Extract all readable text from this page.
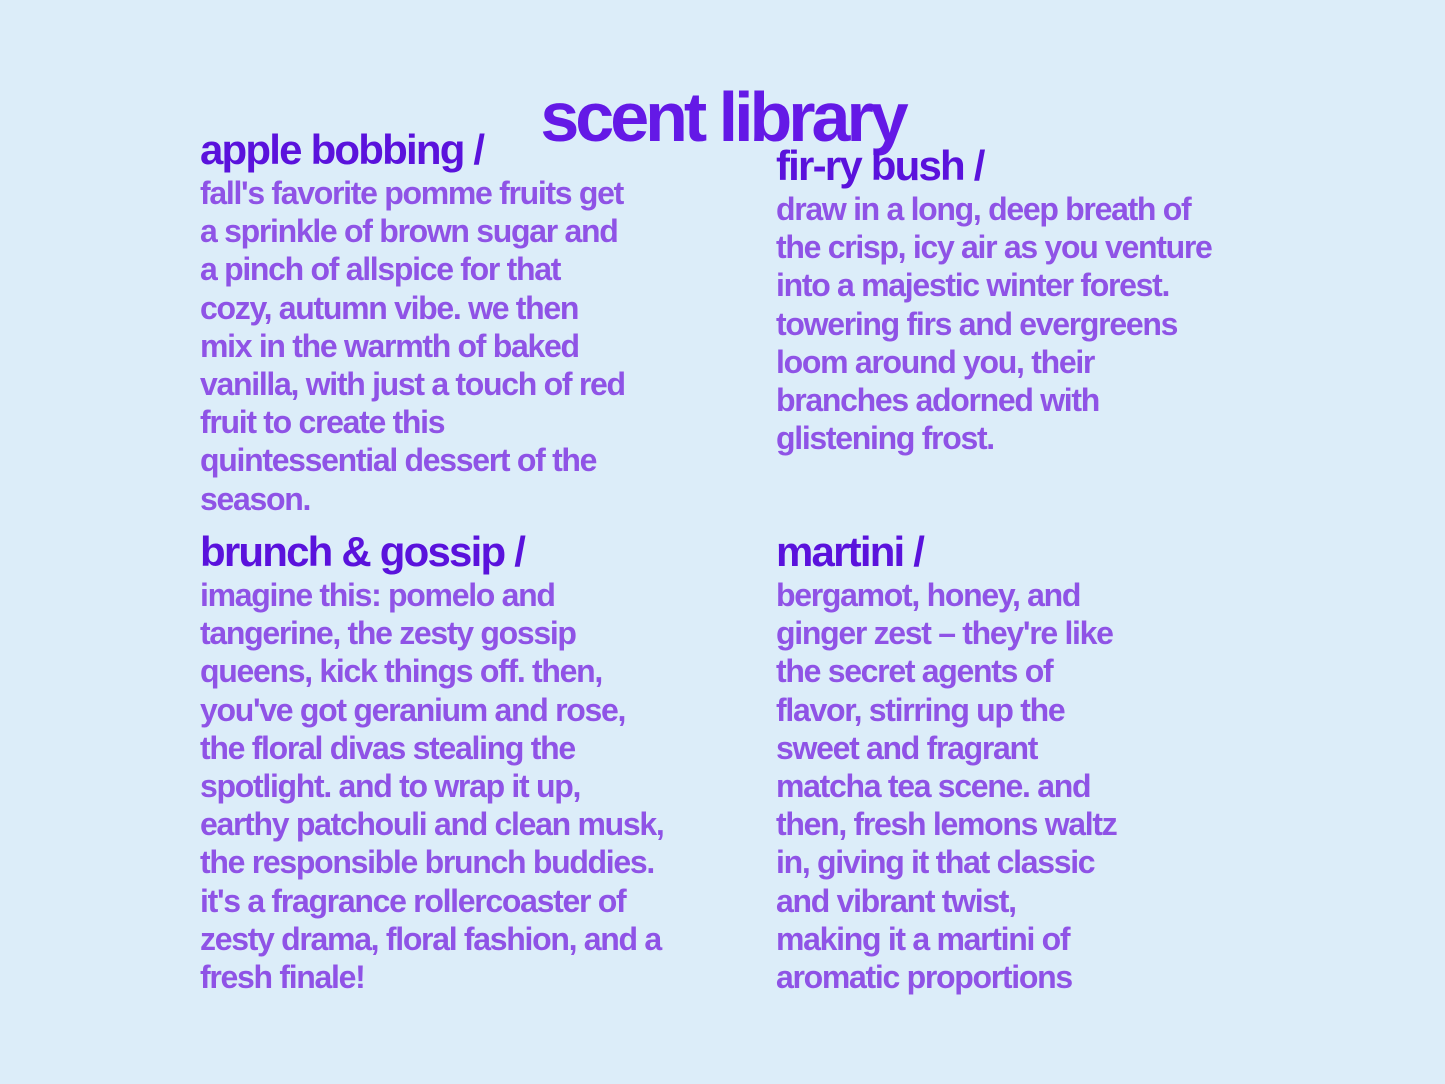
scent library
apple bobbing /
fall's favorite pomme fruits get
a sprinkle of brown sugar and
a pinch of allspice for that
cozy, autumn vibe. we then
mix in the warmth of baked
vanilla, with just a touch of red
fruit to create this
quintessential dessert of the
season.
fir-ry bush /
draw in a long, deep breath of
the crisp, icy air as you venture
into a majestic winter forest.
towering firs and evergreens
loom around you, their
branches adorned with
glistening frost.
brunch & gossip /
imagine this: pomelo and
tangerine, the zesty gossip
queens, kick things off. then,
you've got geranium and rose,
the floral divas stealing the
spotlight. and to wrap it up,
earthy patchouli and clean musk,
the responsible brunch buddies.
it's a fragrance rollercoaster of
zesty drama, floral fashion, and a
fresh finale!
martini /
bergamot, honey, and
ginger zest – they're like
the secret agents of
flavor, stirring up the
sweet and fragrant
matcha tea scene. and
then, fresh lemons waltz
in, giving it that classic
and vibrant twist,
making it a martini of
aromatic proportions
